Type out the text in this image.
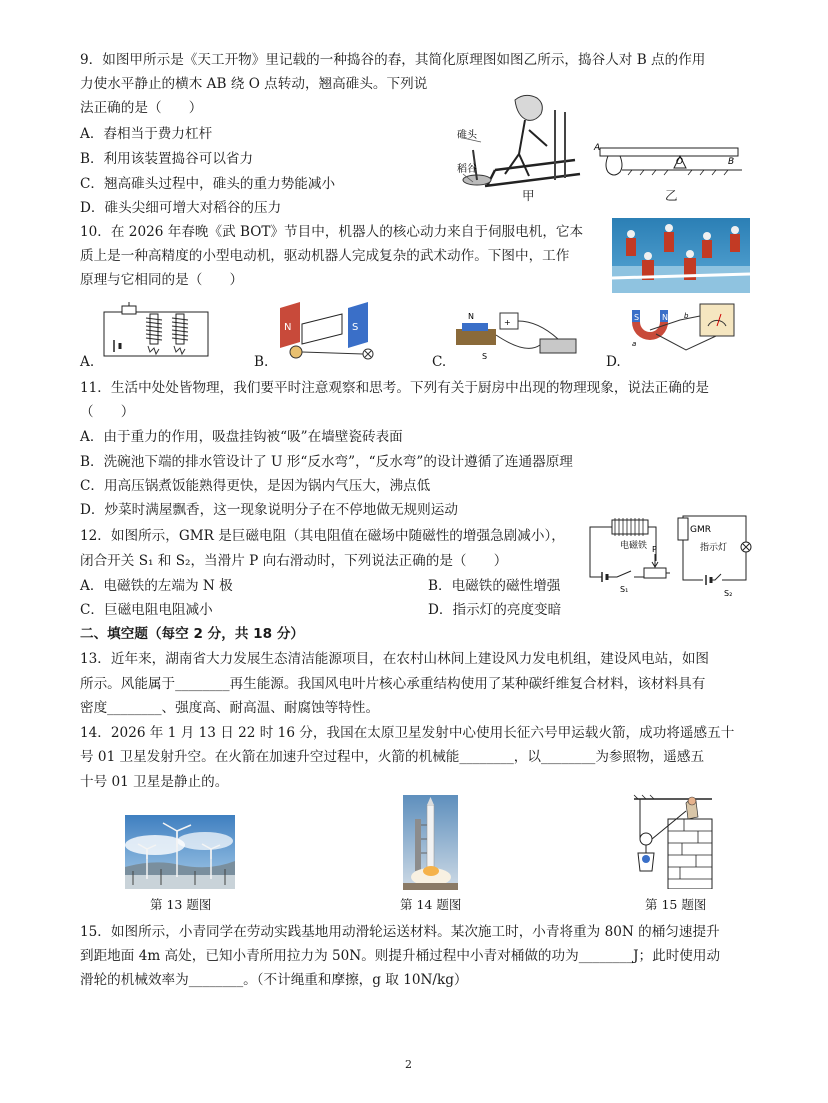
9．如图甲所示是《天工开物》里记载的一种捣谷的舂，其简化原理图如图乙所示，捣谷人对 B 点的作用
力使水平静止的横木 AB 绕 O 点转动，翘高碓头。下列说
法正确的是（　　）
A．舂相当于费力杠杆
B．利用该装置捣谷可以省力
C．翘高碓头过程中，碓头的重力势能减小
D．碓头尖细可增大对稻谷的压力
碓头
稻谷
甲
A
O	B
乙
10．在 2026 年春晚《武 BOT》节目中，机器人的核心动力来自于伺服电机，它本
质上是一种高精度的小型电动机，驱动机器人完成复杂的武术动作。下图中，工作
原理与它相同的是（　　）
A.
N	S
B.
+
S
N
C.
S	N b
a
D.
11．生活中处处皆物理，我们要平时注意观察和思考。下列有关于厨房中出现的物理现象，说法正确的是
（　　）
A．由于重力的作用，吸盘挂钩被“吸”在墙壁瓷砖表面
B．洗碗池下端的排水管设计了 U 形“反水弯”，“反水弯”的设计遵循了连通器原理
C．用高压锅煮饭能熟得更快，是因为锅内气压大，沸点低
D．炒菜时满屋飘香，这一现象说明分子在不停地做无规则运动
12．如图所示，GMR 是巨磁电阻（其电阻值在磁场中随磁性的增强急剧减小），
闭合开关 S₁ 和 S₂，当滑片 P 向右滑动时，下列说法正确的是（　　）
A．电磁铁的左端为 N 极	B．电磁铁的磁性增强
C．巨磁电阻电阻减小	D．指示灯的亮度变暗
电磁铁
S₁
P
GMR
指示灯
S₂
二、填空题（每空 2 分，共 18 分）
13．近年来，湖南省大力发展生态清洁能源项目，在农村山林间上建设风力发电机组，建设风电站，如图
所示。风能属于________再生能源。我国风电叶片核心承重结构使用了某种碳纤维复合材料，该材料具有
密度________、强度高、耐高温、耐腐蚀等特性。
14．2026 年 1 月 13 日 22 时 16 分，我国在太原卫星发射中心使用长征六号甲运载火箭，成功将遥感五十
号 01 卫星发射升空。在火箭在加速升空过程中，火箭的机械能________，以________为参照物，遥感五
十号 01 卫星是静止的。
第 13 题图	第 14 题图	第 15 题图
15．如图所示，小青同学在劳动实践基地用动滑轮运送材料。某次施工时，小青将重为 80N 的桶匀速提升
到距地面 4m 高处，已知小青所用拉力为 50N。则提升桶过程中小青对桶做的功为________J；此时使用动
滑轮的机械效率为________。（不计绳重和摩擦，g 取 10N/kg）
2
